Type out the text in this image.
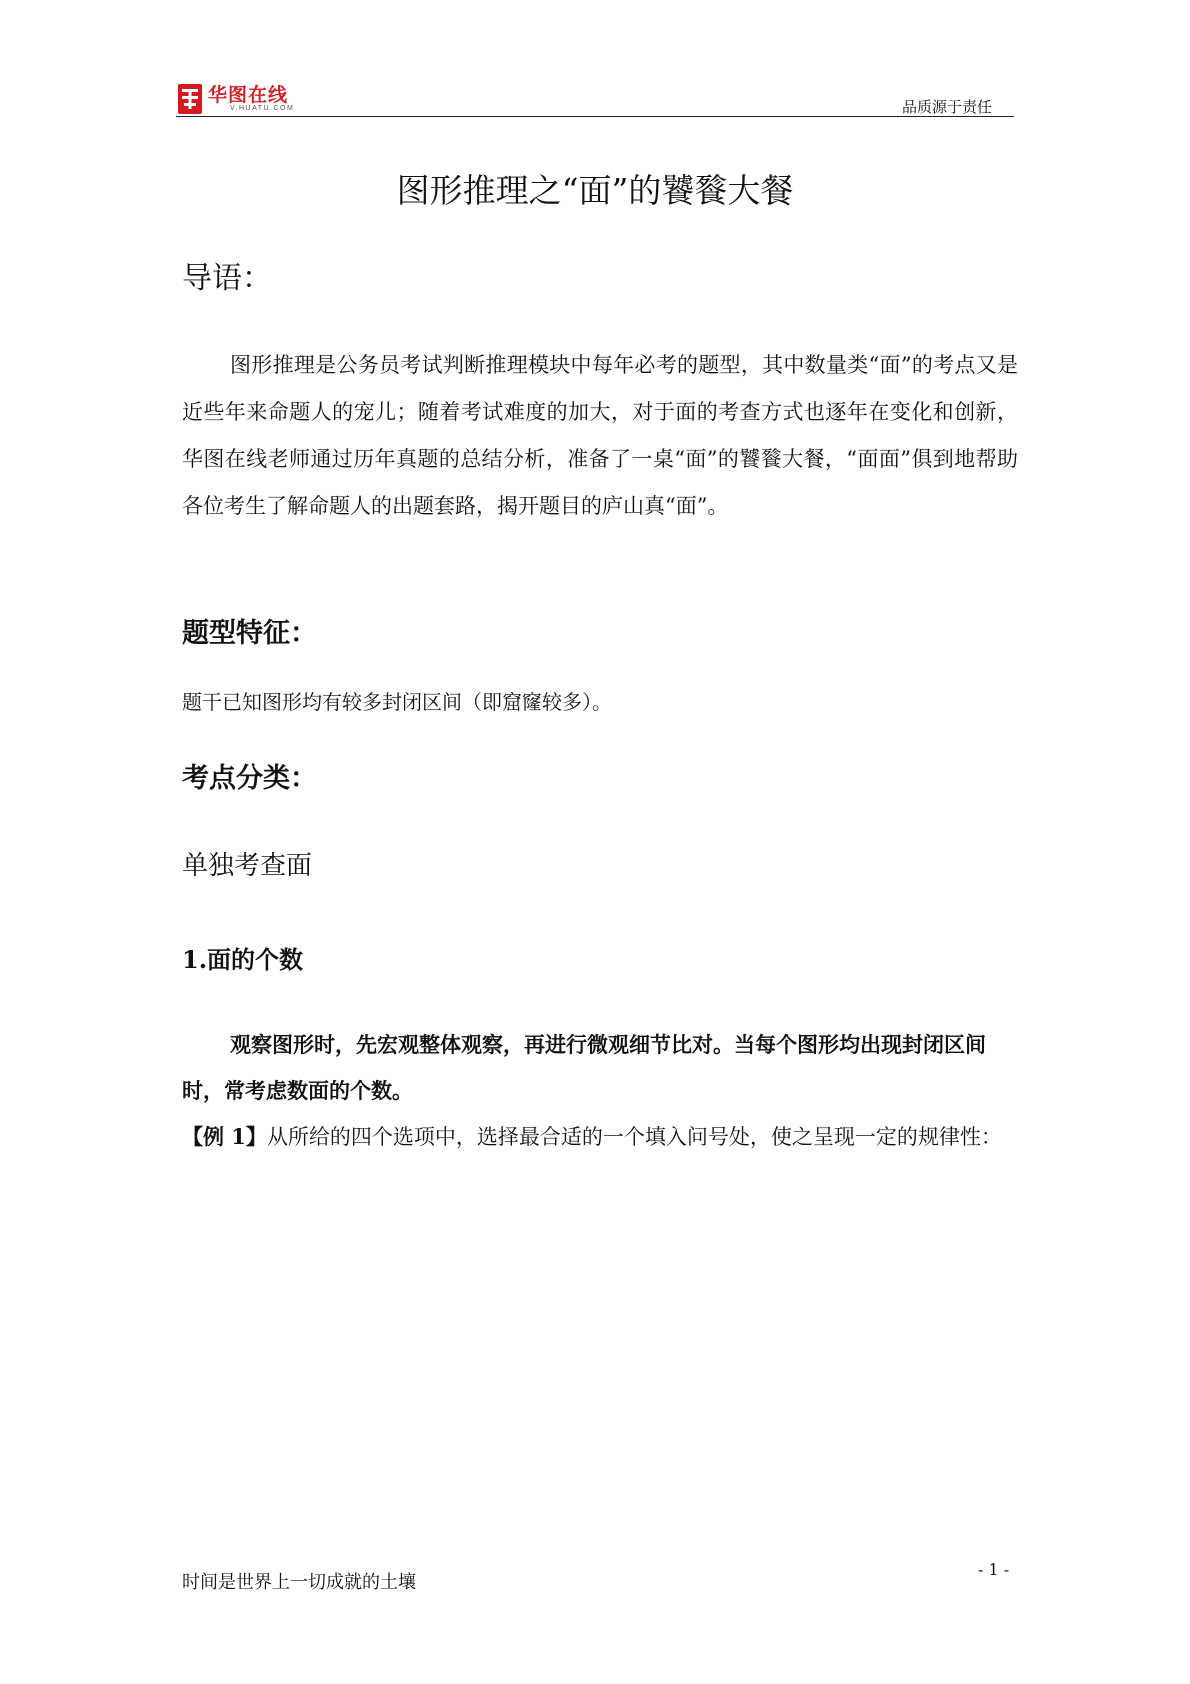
华图在线
V.HUATU.COM	品质源于责任
图形推理之“面”的饕餮大餐
导语：
图形推理是公务员考试判断推理模块中每年必考的题型，其中数量类“面”的考点又是近些年来命题人的宠儿；随着考试难度的加大，对于面的考查方式也逐年在变化和创新，华图在线老师通过历年真题的总结分析，准备了一桌“面”的饕餮大餐，“面面”俱到地帮助各位考生了解命题人的出题套路，揭开题目的庐山真“面”。
题型特征：
题干已知图形均有较多封闭区间（即窟窿较多）。
考点分类：
单独考查面
1.面的个数
观察图形时，先宏观整体观察，再进行微观细节比对。当每个图形均出现封闭区间时，常考虑数面的个数。
【例 1】从所给的四个选项中，选择最合适的一个填入问号处，使之呈现一定的规律性：
时间是世界上一切成就的土壤
- 1 -
